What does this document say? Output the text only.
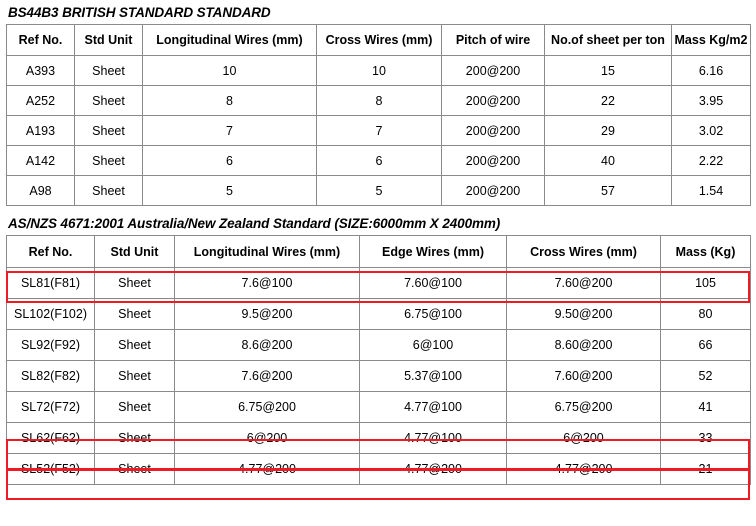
BS44B3 BRITISH STANDARD STANDARD
Ref No.	Std Unit	Longitudinal Wires (mm)	Cross Wires (mm)	Pitch of wire	No.of sheet per ton	Mass Kg/m2
A393	Sheet	10	10	200@200	15	6.16
A252	Sheet	8	8	200@200	22	3.95
A193	Sheet	7	7	200@200	29	3.02
A142	Sheet	6	6	200@200	40	2.22
A98	Sheet	5	5	200@200	57	1.54
AS/NZS 4671:2001 Australia/New Zealand Standard (SIZE:6000mm X 2400mm)
Ref No.	Std Unit	Longitudinal Wires (mm)	Edge Wires (mm)	Cross Wires (mm)	Mass (Kg)
SL81(F81)	Sheet	7.6@100	7.60@100	7.60@200	105
SL102(F102)	Sheet	9.5@200	6.75@100	9.50@200	80
SL92(F92)	Sheet	8.6@200	6@100	8.60@200	66
SL82(F82)	Sheet	7.6@200	5.37@100	7.60@200	52
SL72(F72)	Sheet	6.75@200	4.77@100	6.75@200	41
SL62(F62)	Sheet	6@200	4.77@100	6@200	33
SL52(F52)	Sheet	4.77@200	4.77@200	4.77@200	21
